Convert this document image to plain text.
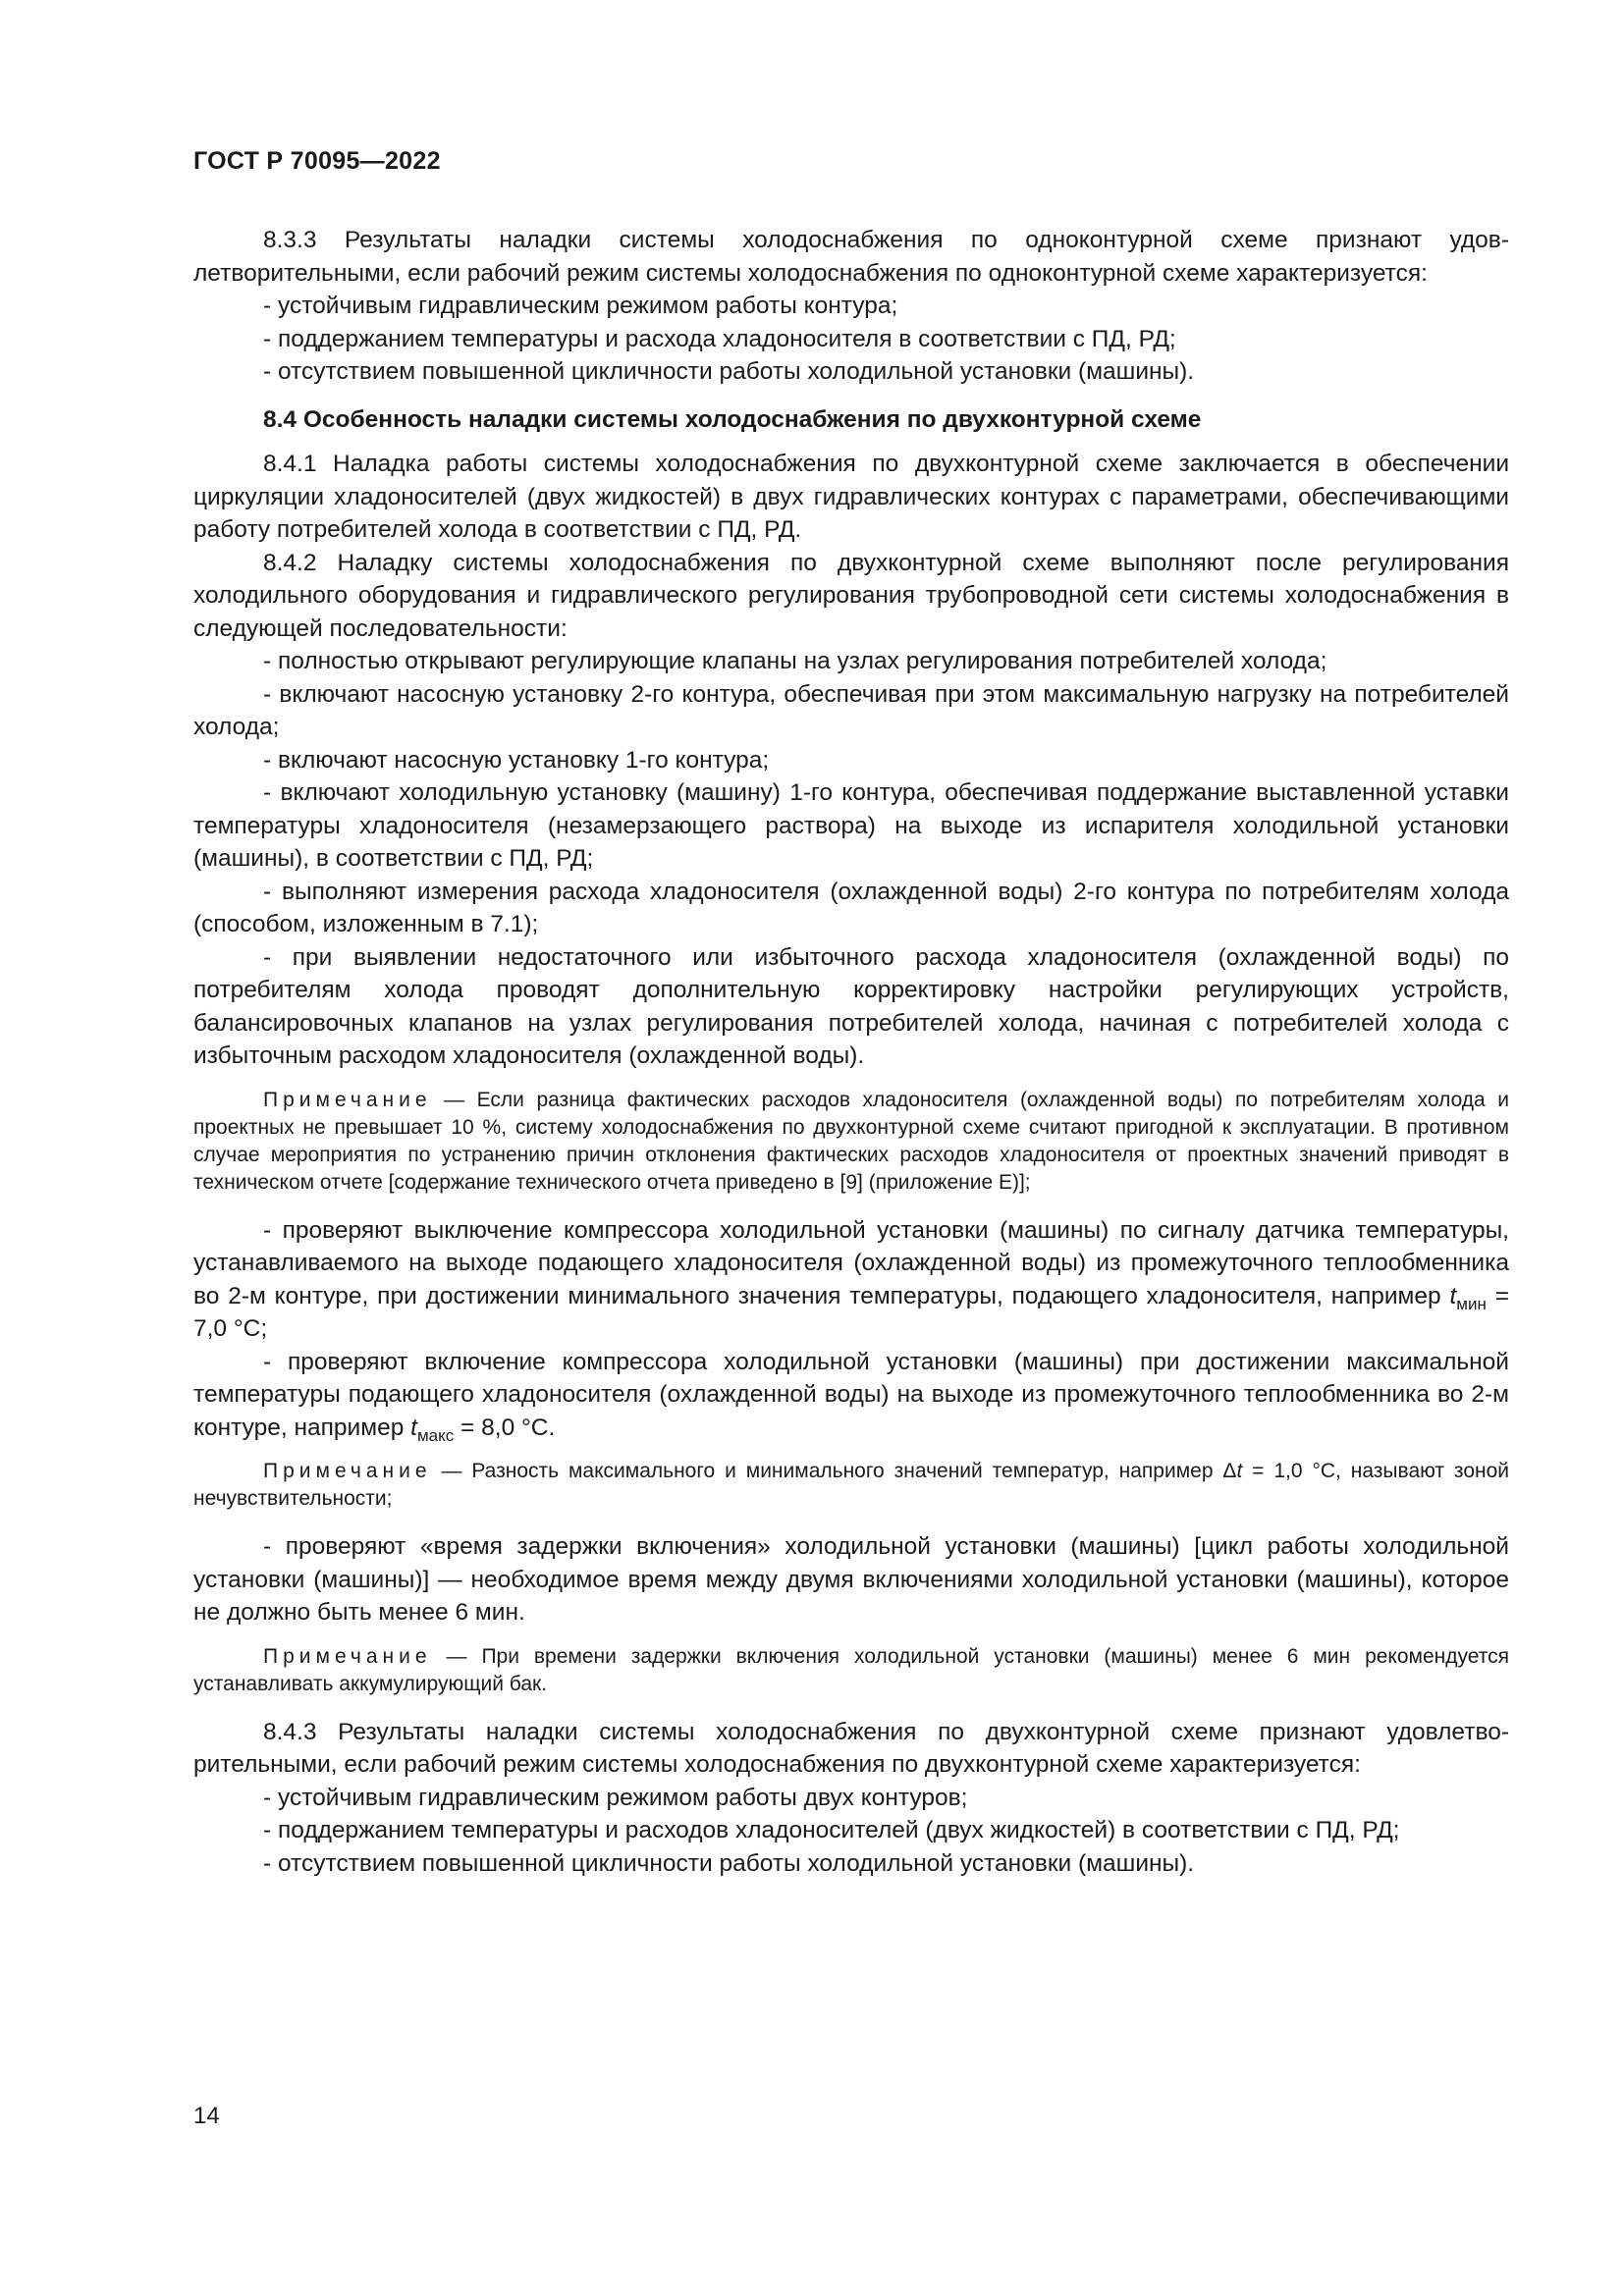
ГОСТ Р 70095—2022

8.3.3 Результаты наладки системы холодоснабжения по одноконтурной схеме признают удовлетворительными, если рабочий режим системы холодоснабжения по одноконтурной схеме характеризуется:

- устойчивым гидравлическим режимом работы контура;

- поддержанием температуры и расхода хладоносителя в соответствии с ПД, РД;

- отсутствием повышенной цикличности работы холодильной установки (машины).

8.4 Особенность наладки системы холодоснабжения по двухконтурной схеме

8.4.1 Наладка работы системы холодоснабжения по двухконтурной схеме заключается в обеспечении циркуляции хладоносителей (двух жидкостей) в двух гидравлических контурах с параметрами, обеспечивающими работу потребителей холода в соответствии с ПД, РД.

8.4.2 Наладку системы холодоснабжения по двухконтурной схеме выполняют после регулирования холодильного оборудования и гидравлического регулирования трубопроводной сети системы холодоснабжения в следующей последовательности:

- полностью открывают регулирующие клапаны на узлах регулирования потребителей холода;

- включают насосную установку 2-го контура, обеспечивая при этом максимальную нагрузку на потребителей холода;

- включают насосную установку 1-го контура;

- включают холодильную установку (машину) 1-го контура, обеспечивая поддержание выставленной уставки температуры хладоносителя (незамерзающего раствора) на выходе из испарителя холодильной установки (машины), в соответствии с ПД, РД;

- выполняют измерения расхода хладоносителя (охлажденной воды) 2-го контура по потребителям холода (способом, изложенным в 7.1);

- при выявлении недостаточного или избыточного расхода хладоносителя (охлажденной воды) по потребителям холода проводят дополнительную корректировку настройки регулирующих устройств, балансировочных клапанов на узлах регулирования потребителей холода, начиная с потребителей холода с избыточным расходом хладоносителя (охлажденной воды).

Примечание — Если разница фактических расходов хладоносителя (охлажденной воды) по потребителям холода и проектных не превышает 10 %, систему холодоснабжения по двухконтурной схеме считают пригодной к эксплуатации. В противном случае мероприятия по устранению причин отклонения фактических расходов хладоносителя от проектных значений приводят в техническом отчете [содержание технического отчета приведено в [9] (приложение Е)];

- проверяют выключение компрессора холодильной установки (машины) по сигналу датчика температуры, устанавливаемого на выходе подающего хладоносителя (охлажденной воды) из промежуточного теплообменника во 2-м контуре, при достижении минимального значения температуры, подающего хладоносителя, например $t_{мин} = 7,0$ °С;

- проверяют включение компрессора холодильной установки (машины) при достижении максимальной температуры подающего хладоносителя (охлажденной воды) на выходе из промежуточного теплообменника во 2-м контуре, например $t_{макс} = 8,0$ °С.

Примечание — Разность максимального и минимального значений температур, например Δt = 1,0 °С, называют зоной нечувствительности;

- проверяют «время задержки включения» холодильной установки (машины) [цикл работы холодильной установки (машины)] — необходимое время между двумя включениями холодильной установки (машины), которое не должно быть менее 6 мин.

Примечание — При времени задержки включения холодильной установки (машины) менее 6 мин рекомендуется устанавливать аккумулирующий бак.

8.4.3 Результаты наладки системы холодоснабжения по двухконтурной схеме признают удовлетворительными, если рабочий режим системы холодоснабжения по двухконтурной схеме характеризуется:

- устойчивым гидравлическим режимом работы двух контуров;

- поддержанием температуры и расходов хладоносителей (двух жидкостей) в соответствии с ПД, РД;

- отсутствием повышенной цикличности работы холодильной установки (машины).

14
